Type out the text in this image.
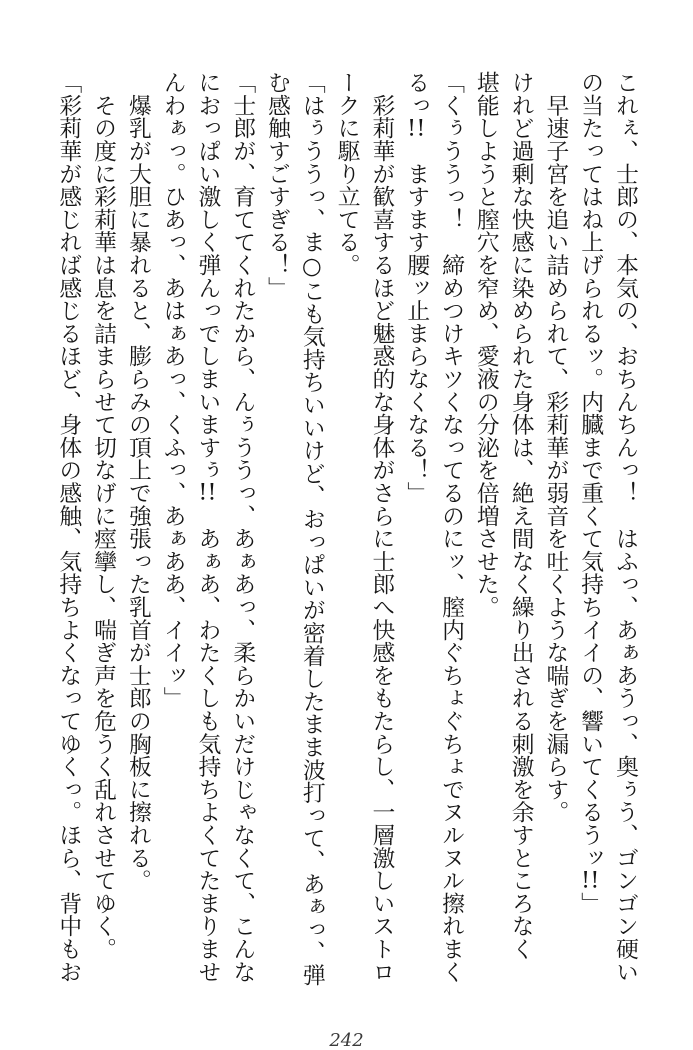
これぇ、士郎の、本気の、おちんちんっ！　はふっ、あぁあうっ、奥ぅう、ゴンゴン硬い
の当たってはね上げられるッ。内臓まで重くて気持ちイイの、響いてくるうッ!!」
　早速子宮を追い詰められて、彩莉華が弱音を吐くような喘ぎを漏らす。
けれど過剰な快感に染められた身体は、絶え間なく繰り出される刺激を余すところなく
堪能しようと膣穴を窄め、愛液の分泌を倍増させた。
「くぅううっ！　締めつけキツくなってるのにッ、膣内ぐちょぐちょでヌルヌル擦れまく
るっ!!　ますます腰ッ止まらなくなる！」
　彩莉華が歓喜するほど魅惑的な身体がさらに士郎へ快感をもたらし、一層激しいストロ
ークに駆り立てる。
「はぅううっ、ま○こも気持ちいいけど、おっぱいが密着したまま波打って、あぁっ、弾
む感触すごすぎる！」
「士郎が、育ててくれたから、んぅううっ、あぁあっ、柔らかいだけじゃなくて、こんな
におっぱい激しく弾んっでしまいますぅ!!　あぁあ、わたくしも気持ちよくてたまりませ
んわぁっ。ひあっ、あはぁあっ、くふっ、あぁああ、イイッ」
　爆乳が大胆に暴れると、膨らみの頂上で強張った乳首が士郎の胸板に擦れる。
　その度に彩莉華は息を詰まらせて切なげに痙攣し、喘ぎ声を危うく乱れさせてゆく。
「彩莉華が感じれば感じるほど、身体の感触、気持ちよくなってゆくっ。ほら、背中もお
242
